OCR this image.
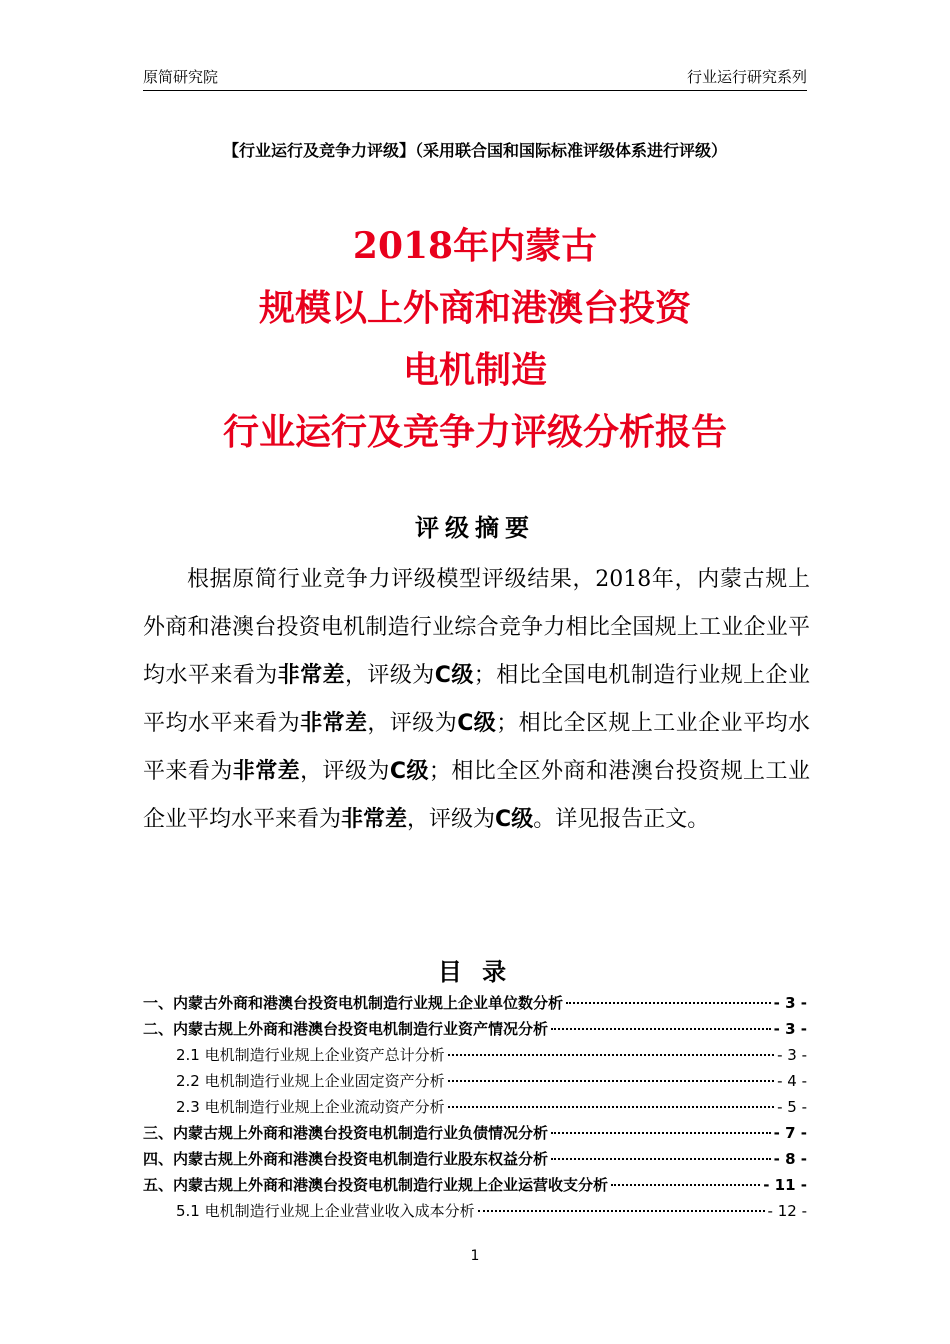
原简研究院	行业运行研究系列
【行业运行及竞争力评级】（采用联合国和国际标准评级体系进行评级）
2018年内蒙古
规模以上外商和港澳台投资
电机制造
行业运行及竞争力评级分析报告
评级摘要

根据原简行业竞争力评级模型评级结果，2018年，内蒙古规上外商和港澳台投资电机制造行业综合竞争力相比全国规上工业企业平均水平来看为非常差，评级为C级；相比全国电机制造行业规上企业平均水平来看为非常差，评级为C级；相比全区规上工业企业平均水平来看为非常差，评级为C级；相比全区外商和港澳台投资规上工业企业平均水平来看为非常差，评级为C级。详见报告正文。

目 录
一、内蒙古外商和港澳台投资电机制造行业规上企业单位数分析	- 3 -
二、内蒙古规上外商和港澳台投资电机制造行业资产情况分析	- 3 -
2.1 电机制造行业规上企业资产总计分析	- 3 -
2.2 电机制造行业规上企业固定资产分析	- 4 -
2.3 电机制造行业规上企业流动资产分析	- 5 -
三、内蒙古规上外商和港澳台投资电机制造行业负债情况分析	- 7 -
四、内蒙古规上外商和港澳台投资电机制造行业股东权益分析	- 8 -
五、内蒙古规上外商和港澳台投资电机制造行业规上企业运营收支分析	- 11 -
5.1 电机制造行业规上企业营业收入成本分析	- 12 -
1
